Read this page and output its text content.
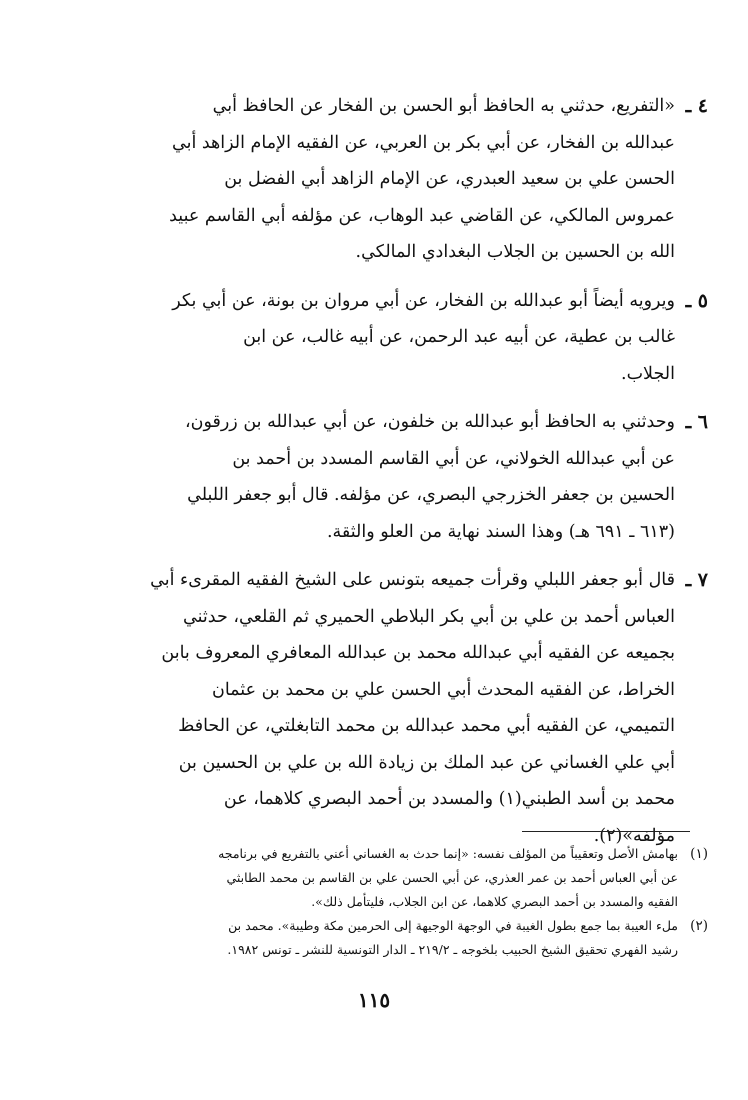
٤ ـ
«التفريع، حدثني به الحافظ أبو الحسن بن الفخار عن الحافظ أبي
عبدالله بن الفخار، عن أبي بكر بن العربي، عن الفقيه الإمام الزاهد أبي
الحسن علي بن سعيد العبدري، عن الإمام الزاهد أبي الفضل بن
عمروس المالكي، عن القاضي عبد الوهاب، عن مؤلفه أبي القاسم عبيد
الله بن الحسين بن الجلاب البغدادي المالكي.
٥ ـ
ويرويه أيضاً أبو عبدالله بن الفخار، عن أبي مروان بن بونة، عن أبي بكر
غالب بن عطية، عن أبيه عبد الرحمن، عن أبيه غالب، عن ابن
الجلاب.
٦ ـ
وحدثني به الحافظ أبو عبدالله بن خلفون، عن أبي عبدالله بن زرقون،
عن أبي عبدالله الخولاني، عن أبي القاسم المسدد بن أحمد بن
الحسين بن جعفر الخزرجي البصري، عن مؤلفه. قال أبو جعفر اللبلي
(٦١٣ ـ ٦٩١ هـ) وهذا السند نهاية من العلو والثقة.
٧ ـ
قال أبو جعفر اللبلي وقرأت جميعه بتونس على الشيخ الفقيه المقرىء أبي
العباس أحمد بن علي بن أبي بكر البلاطي الحميري ثم القلعي، حدثني
بجميعه عن الفقيه أبي عبدالله محمد بن عبدالله المعافري المعروف بابن
الخراط، عن الفقيه المحدث أبي الحسن علي بن محمد بن عثمان
التميمي، عن الفقيه أبي محمد عبدالله بن محمد التابغلتي، عن الحافظ
أبي علي الغساني عن عبد الملك بن زيادة الله بن علي بن الحسين بن
محمد بن أسد الطبني(١) والمسدد بن أحمد البصري كلاهما، عن
مؤلفه»(٢).
(١)
بهامش الأصل وتعقيباً من المؤلف نفسه: «إنما حدث به الغساني أعني بالتفريع في برنامجه
عن أبي العباس أحمد بن عمر العذري، عن أبي الحسن علي بن القاسم بن محمد الطابثي
الفقيه والمسدد بن أحمد البصري كلاهما، عن ابن الجلاب، فليتأمل ذلك».
(٢)
ملء العيبة بما جمع بطول الغيبة في الوجهة الوجيهة إلى الحرمين مكة وطيبة». محمد بن
رشيد الفهري تحقيق الشيخ الحبيب بلخوجه ـ ٢١٩/٢ ـ الدار التونسية للنشر ـ تونس ١٩٨٢.
١١٥
